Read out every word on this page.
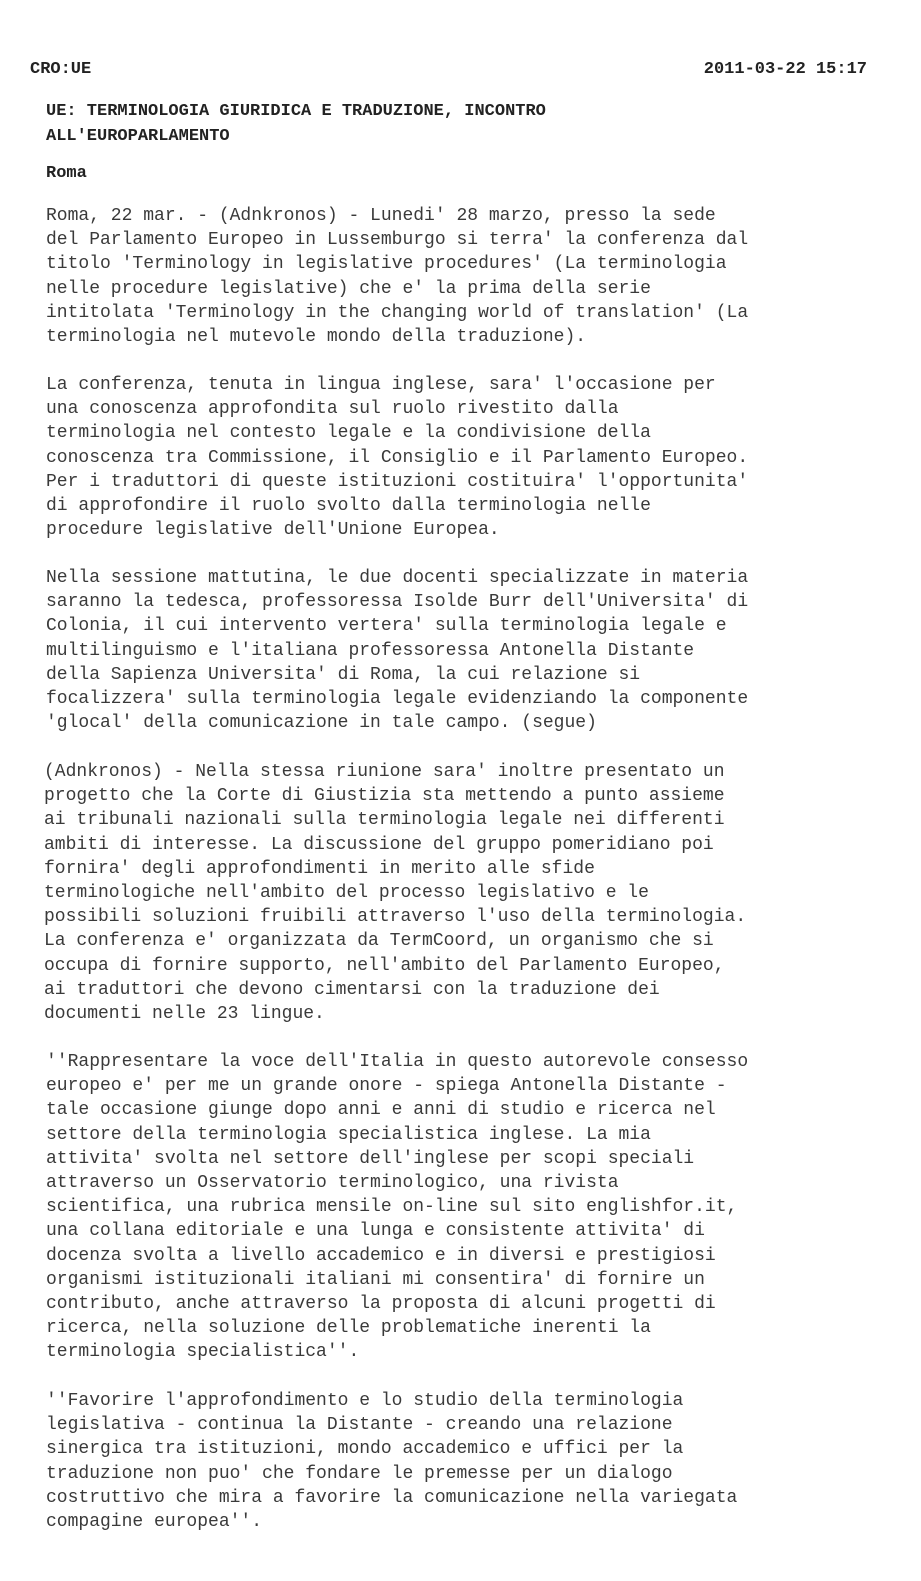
CRO:UE	2011-03-22 15:17
UE: TERMINOLOGIA GIURIDICA E TRADUZIONE, INCONTRO
ALL'EUROPARLAMENTO
Roma
Roma, 22 mar. - (Adnkronos) - Lunedi' 28 marzo, presso la sede
del Parlamento Europeo in Lussemburgo si terra' la conferenza dal
titolo 'Terminology in legislative procedures' (La terminologia
nelle procedure legislative) che e' la prima della serie
intitolata 'Terminology in the changing world of translation' (La
terminologia nel mutevole mondo della traduzione).
La conferenza, tenuta in lingua inglese, sara' l'occasione per
una conoscenza approfondita sul ruolo rivestito dalla
terminologia nel contesto legale e la condivisione della
conoscenza tra Commissione, il Consiglio e il Parlamento Europeo.
Per i traduttori di queste istituzioni costituira' l'opportunita'
di approfondire il ruolo svolto dalla terminologia nelle
procedure legislative dell'Unione Europea.
Nella sessione mattutina, le due docenti specializzate in materia
saranno la tedesca, professoressa Isolde Burr dell'Universita' di
Colonia, il cui intervento vertera' sulla terminologia legale e
multilinguismo e l'italiana professoressa Antonella Distante
della Sapienza Universita' di Roma, la cui relazione si
focalizzera' sulla terminologia legale evidenziando la componente
'glocal' della comunicazione in tale campo. (segue)
(Adnkronos) - Nella stessa riunione sara' inoltre presentato un
progetto che la Corte di Giustizia sta mettendo a punto assieme
ai tribunali nazionali sulla terminologia legale nei differenti
ambiti di interesse. La discussione del gruppo pomeridiano poi
fornira' degli approfondimenti in merito alle sfide
terminologiche nell'ambito del processo legislativo e le
possibili soluzioni fruibili attraverso l'uso della terminologia.
La conferenza e' organizzata da TermCoord, un organismo che si
occupa di fornire supporto, nell'ambito del Parlamento Europeo,
ai traduttori che devono cimentarsi con la traduzione dei
documenti nelle 23 lingue.
''Rappresentare la voce dell'Italia in questo autorevole consesso
europeo e' per me un grande onore - spiega Antonella Distante -
tale occasione giunge dopo anni e anni di studio e ricerca nel
settore della terminologia specialistica inglese. La mia
attivita' svolta nel settore dell'inglese per scopi speciali
attraverso un Osservatorio terminologico, una rivista
scientifica, una rubrica mensile on-line sul sito englishfor.it,
una collana editoriale e una lunga e consistente attivita' di
docenza svolta a livello accademico e in diversi e prestigiosi
organismi istituzionali italiani mi consentira' di fornire un
contributo, anche attraverso la proposta di alcuni progetti di
ricerca, nella soluzione delle problematiche inerenti la
terminologia specialistica''.
''Favorire l'approfondimento e lo studio della terminologia
legislativa - continua la Distante - creando una relazione
sinergica tra istituzioni, mondo accademico e uffici per la
traduzione non puo' che fondare le premesse per un dialogo
costruttivo che mira a favorire la comunicazione nella variegata
compagine europea''.
